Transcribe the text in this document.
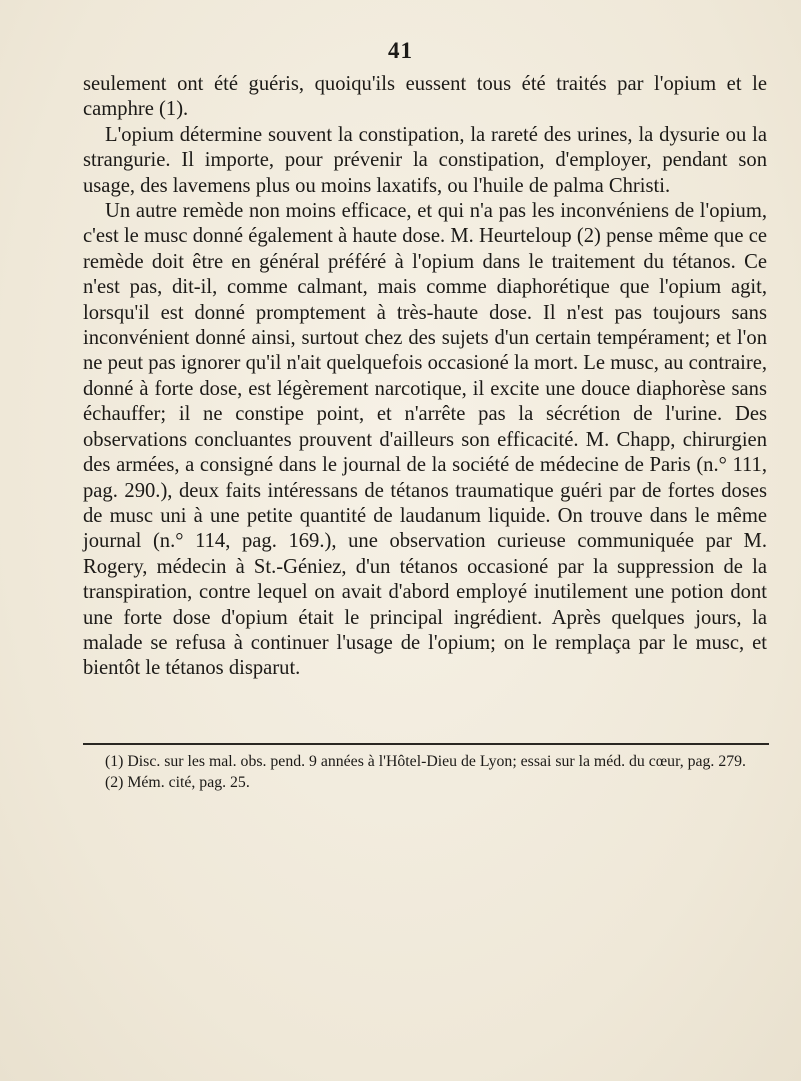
41

seulement ont été guéris, quoiqu'ils eussent tous été traités par l'opium et le camphre (1).

L'opium détermine souvent la constipation, la rareté des urines, la dysurie ou la strangurie. Il importe, pour prévenir la constipation, d'employer, pendant son usage, des lavemens plus ou moins laxatifs, ou l'huile de palma Christi.

Un autre remède non moins efficace, et qui n'a pas les inconvéniens de l'opium, c'est le musc donné également à haute dose. M. Heurteloup (2) pense même que ce remède doit être en général préféré à l'opium dans le traitement du tétanos. Ce n'est pas, dit-il, comme calmant, mais comme diaphorétique que l'opium agit, lorsqu'il est donné promptement à très-haute dose. Il n'est pas toujours sans inconvénient donné ainsi, surtout chez des sujets d'un certain tempérament; et l'on ne peut pas ignorer qu'il n'ait quelquefois occasioné la mort. Le musc, au contraire, donné à forte dose, est légèrement narcotique, il excite une douce diaphorèse sans échauffer; il ne constipe point, et n'arrête pas la sécrétion de l'urine. Des observations concluantes prouvent d'ailleurs son efficacité. M. Chapp, chirurgien des armées, a consigné dans le journal de la société de médecine de Paris (n.° 111, pag. 290.), deux faits intéressans de tétanos traumatique guéri par de fortes doses de musc uni à une petite quantité de laudanum liquide. On trouve dans le même journal (n.° 114, pag. 169.), une observation curieuse communiquée par M. Rogery, médecin à St.-Géniez, d'un tétanos occasioné par la suppression de la transpiration, contre lequel on avait d'abord employé inutilement une potion dont une forte dose d'opium était le principal ingrédient. Après quelques jours, la malade se refusa à continuer l'usage de l'opium; on le remplaça par le musc, et bientôt le tétanos disparut.

(1) Disc. sur les mal. obs. pend. 9 années à l'Hôtel-Dieu de Lyon; essai sur la méd. du cœur, pag. 279.

(2) Mém. cité, pag. 25.
